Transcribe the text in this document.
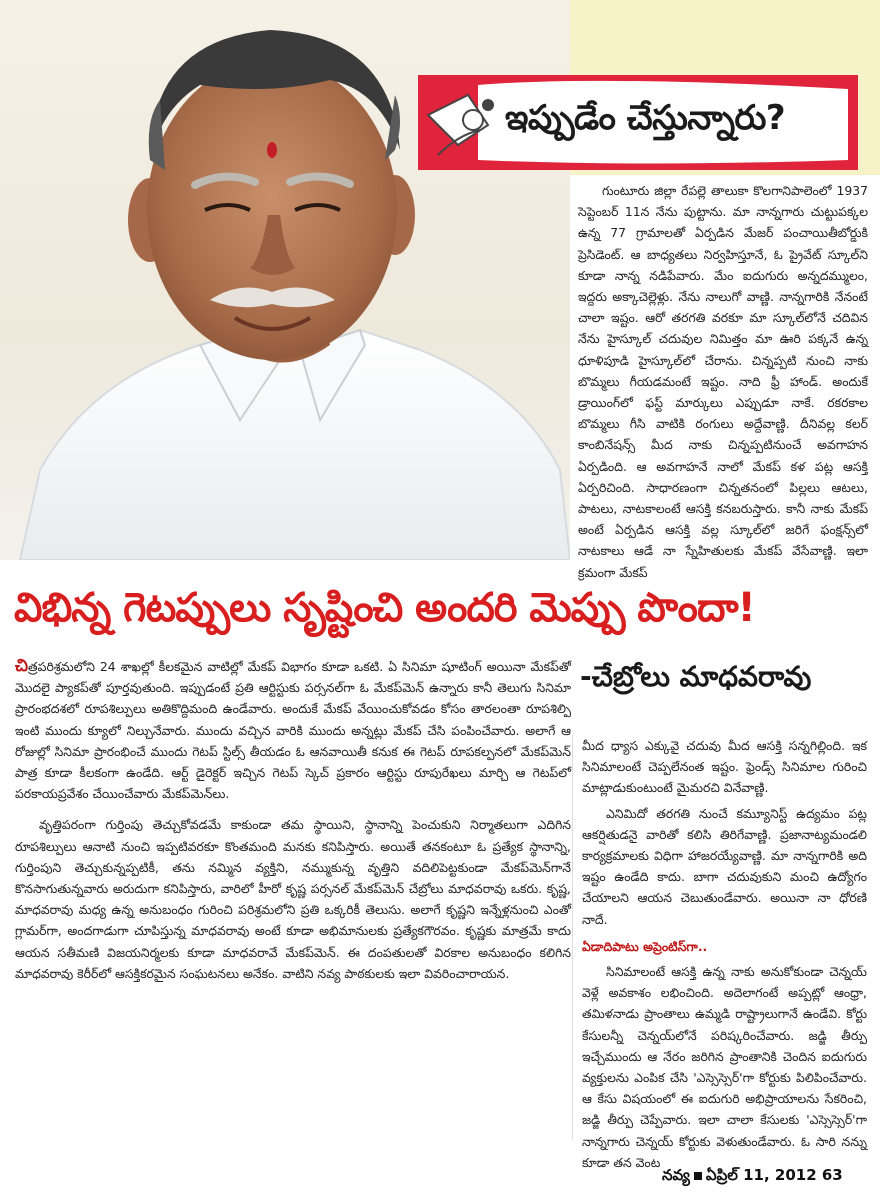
ఇప్పుడేం చేస్తున్నారు?

గుంటూరు జిల్లా రేపల్లె తాలుకా కొలగానిపాలెంలో 1937 సెప్టెంబర్ 11న నేను పుట్టాను. మా నాన్నగారు చుట్టుపక్కల ఉన్న 77 గ్రామాలతో ఏర్పడిన మేజర్ పంచాయితీబోర్డుకి ప్రెసిడెంట్. ఆ బాధ్యతలు నిర్వహిస్తూనే, ఓ ప్రైవేట్ స్కూల్‌ని కూడా నాన్న నడిపేవారు. మేం ఐదుగురు అన్నదమ్ములం, ఇద్దరు అక్కాచెల్లెళ్లు. నేను నాలుగో వాణ్ణి. నాన్నగారికి నేనంటే చాలా ఇష్టం. ఆరో తరగతి వరకూ మా స్కూల్‌లోనే చదివిన నేను హైస్కూల్ చదువుల నిమిత్తం మా ఊరి పక్కనే ఉన్న ధూళిపూడి హైస్కూల్‌లో చేరాను. చిన్నప్పటి నుంచి నాకు బొమ్మలు గీయడమంటే ఇష్టం. నాది ఫ్రీ హాండ్. అందుకే డ్రాయింగ్‌లో ఫస్ట్ మార్కులు ఎప్పుడూ నాకే. రకరకాల బొమ్మలు గీసి వాటికి రంగులు అద్దేవాణ్ణి. దీనివల్ల కలర్ కాంబినేషన్స్ మీద నాకు చిన్నప్పటినుంచే అవగాహన ఏర్పడింది. ఆ అవగాహనే నాలో మేకప్ కళ పట్ల ఆసక్తి ఏర్పరిచింది. సాధారణంగా చిన్నతనంలో పిల్లలు ఆటలు, పాటలు, నాటకాలంటే ఆసక్తి కనబరుస్తారు. కానీ నాకు మేకప్ అంటే ఏర్పడిన ఆసక్తి వల్ల స్కూల్‌లో జరిగే ఫంక్షన్స్‌లో నాటకాలు ఆడే నా స్నేహితులకు మేకప్ వేసేవాణ్ణి. ఇలా క్రమంగా మేకప్

విభిన్న గెటప్పులు సృష్టించి అందరి మెప్పు పొందా!
-చేబ్రోలు మాధవరావు

చిత్రపరిశ్రమలోని 24 శాఖల్లో కీలకమైన వాటిల్లో మేకప్ విభాగం కూడా ఒకటి. ఏ సినిమా షూటింగ్ అయినా మేకప్‌తో మొదలై ప్యాకప్‌తో పూర్తవుతుంది. ఇప్పుడంటే ప్రతి ఆర్టిస్టుకు పర్సనల్‌గా ఓ మేకప్‌మెన్ ఉన్నారు కానీ తెలుగు సినిమా ప్రారంభదశలో రూపశిల్పులు అతికొద్దిమంది ఉండేవారు. అందుకే మేకప్ వేయించుకోవడం కోసం తారలంతా రూపశిల్పి ఇంటి ముందు క్యూలో నిల్చునేవారు. ముందు వచ్చిన వారికి ముందు అన్నట్లు మేకప్ చేసి పంపించేవారు. అలాగే ఆ రోజుల్లో సినిమా ప్రారంభించే ముందు గెటప్ స్టిల్స్ తీయడం ఓ ఆనవాయితీ కనుక ఈ గెటప్ రూపకల్పనలో మేకప్‌మెన్ పాత్ర కూడా కీలకంగా ఉండేది. ఆర్ట్ డైరెక్టర్ ఇచ్చిన గెటప్ స్కెచ్ ప్రకారం ఆర్టిస్టు రూపురేఖలు మార్చి ఆ గెటప్‌లో పరకాయప్రవేశం చేయించేవారు మేకప్‌మెన్‌లు.

వృత్తిపరంగా గుర్తింపు తెచ్చుకోవడమే కాకుండా తమ స్థాయిని, స్థానాన్ని పెంచుకుని నిర్మాతలుగా ఎదిగిన రూపశిల్పులు ఆనాటి నుంచి ఇప్పటివరకూ కొంతమంది మనకు కనిపిస్తారు. అయితే తనకంటూ ఓ ప్రత్యేక స్థానాన్ని, గుర్తింపుని తెచ్చుకున్నప్పటికీ, తను నమ్మిన వ్యక్తిని, నమ్ముకున్న వృత్తిని వదిలిపెట్టకుండా మేకప్‌మెన్‌గానే కొనసాగుతున్నవారు అరుదుగా కనిపిస్తారు, వారిలో హీరో కృష్ణ పర్సనల్ మేకప్‌మెన్ చేబ్రోలు మాధవరావు ఒకరు. కృష్ణ, మాధవరావు మధ్య ఉన్న అనుబంధం గురించి పరిశ్రమలోని ప్రతి ఒక్కరికీ తెలుసు. అలాగే కృష్ణని ఇన్నేళ్లనుంచి ఎంతో గ్లామర్‌గా, అందగాడుగా చూపిస్తున్న మాధవరావు అంటే కూడా అభిమానులకు ప్రత్యేకగౌరవం. కృష్ణకు మాత్రమే కాదు ఆయన సతీమణి విజయనిర్మలకు కూడా మాధవరావే మేకప్‌మెన్. ఈ దంపతులతో విరకాల అనుబంధం కలిగిన మాధవరావు కెరీర్‌లో ఆసక్తికరమైన సంఘటనలు అనేకం. వాటిని నవ్య పాఠకులకు ఇలా వివరించారాయన.

మీద ధ్యాస ఎక్కువై చదువు మీద ఆసక్తి సన్నగిల్లింది. ఇక సినిమాలంటే చెప్పలేనంత ఇష్టం. ఫ్రెండ్స్ సినిమాల గురించి మాట్లాడుకుంటుంటే మైమరచి వినేవాణ్ణి.

ఎనిమిదో తరగతి నుంచే కమ్యూనిస్ట్ ఉద్యమం పట్ల ఆకర్షితుడనై వారితో కలిసి తిరిగేవాణ్ణి. ప్రజానాట్యమండలి కార్యక్రమాలకు విధిగా హాజరయ్యేవాణ్ణి. మా నాన్నగారికి అది ఇష్టం ఉండేది కాదు. బాగా చదువుకుని మంచి ఉద్యోగం చేయాలని ఆయన చెబుతుండేవారు. అయినా నా ధోరణి నాదే.

ఏడాదిపాటు అప్రెంటిస్‌గా..

సినిమాలంటే ఆసక్తి ఉన్న నాకు అనుకోకుండా చెన్నయ్ వెళ్లే అవకాశం లభించింది. అదెలాగంటే అప్పట్లో ఆంధ్రా, తమిళనాడు ప్రాంతాలు ఉమ్మడి రాష్ట్రాలుగానే ఉండేవి. కోర్టు కేసులన్నీ చెన్నయ్‌లోనే పరిష్కరించేవారు. జడ్జి తీర్పు ఇచ్చేముందు ఆ నేరం జరిగిన ప్రాంతానికి చెందిన ఐదుగురు వ్యక్తులను ఎంపిక చేసి 'ఎస్సెస్సెర్'గా కోర్టుకు పిలిపించేవారు. ఆ కేసు విషయంలో ఈ ఐదుగురి అభిప్రాయాలను సేకరించి, జడ్జి తీర్పు చెప్పేవారు. ఇలా చాలా కేసులకు 'ఎస్సెస్సెర్'గా నాన్నగారు చెన్నయ్ కోర్టుకు వెళుతుండేవారు. ఓ సారి నన్ను కూడా తన వెంట

నవ్య ఏప్రిల్ 11, 2012 63
